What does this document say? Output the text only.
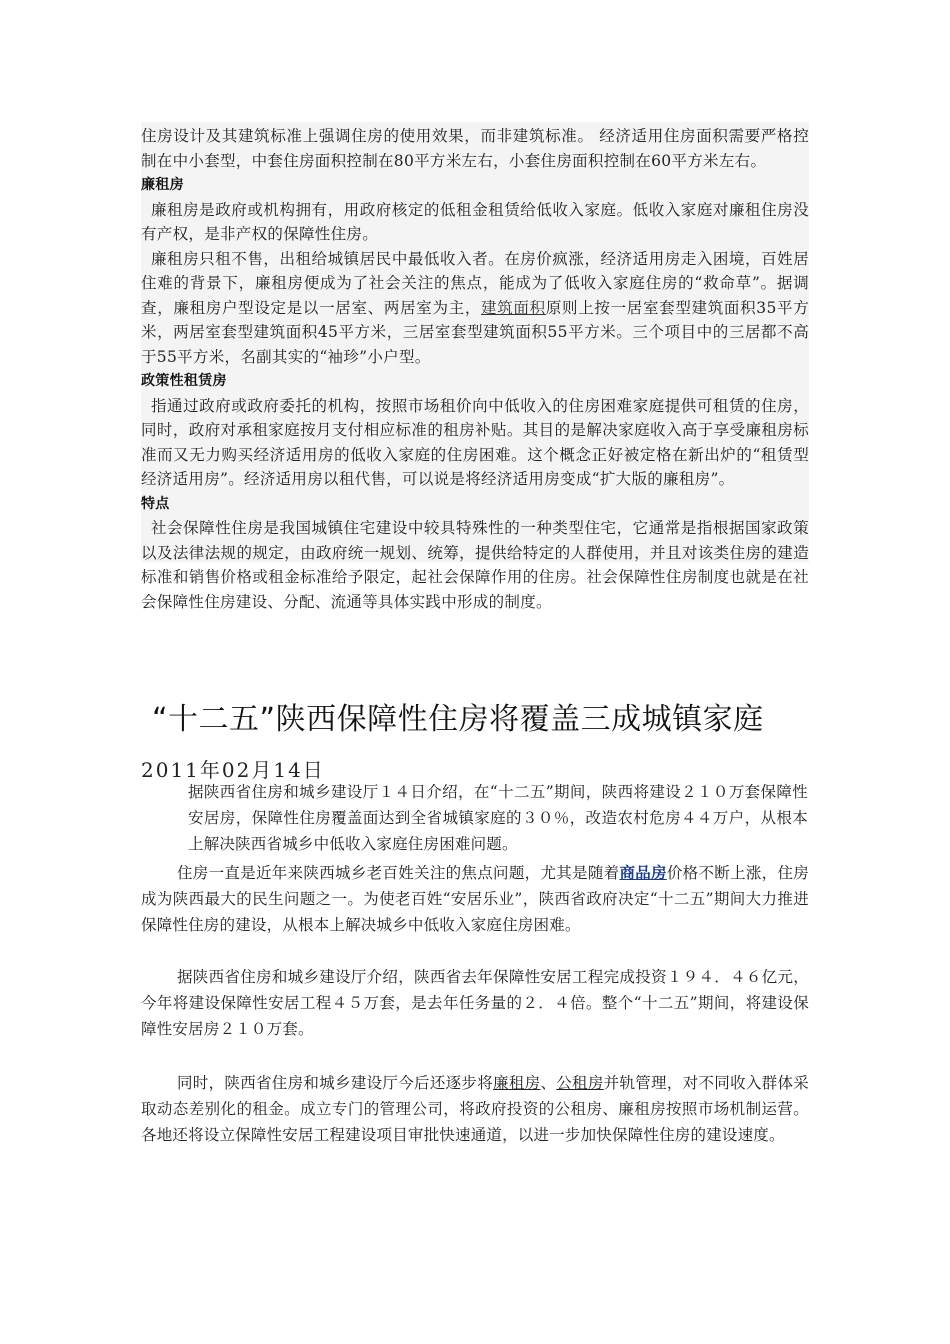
住房设计及其建筑标准上强调住房的使用效果，而非建筑标准。 经济适用住房面积需要严格控制在中小套型，中套住房面积控制在80平方米左右，小套住房面积控制在60平方米左右。

廉租房

廉租房是政府或机构拥有，用政府核定的低租金租赁给低收入家庭。低收入家庭对廉租住房没有产权，是非产权的保障性住房。

廉租房只租不售，出租给城镇居民中最低收入者。在房价疯涨，经济适用房走入困境，百姓居住难的背景下，廉租房便成为了社会关注的焦点，能成为了低收入家庭住房的“救命草”。据调查，廉租房户型设定是以一居室、两居室为主，建筑面积原则上按一居室套型建筑面积35平方米，两居室套型建筑面积45平方米，三居室套型建筑面积55平方米。三个项目中的三居都不高于55平方米，名副其实的“袖珍”小户型。

政策性租赁房

指通过政府或政府委托的机构，按照市场租价向中低收入的住房困难家庭提供可租赁的住房，同时，政府对承租家庭按月支付相应标准的租房补贴。其目的是解决家庭收入高于享受廉租房标准而又无力购买经济适用房的低收入家庭的住房困难。这个概念正好被定格在新出炉的“租赁型经济适用房”。经济适用房以租代售，可以说是将经济适用房变成“扩大版的廉租房”。

特点

社会保障性住房是我国城镇住宅建设中较具特殊性的一种类型住宅，它通常是指根据国家政策以及法律法规的规定，由政府统一规划、统筹，提供给特定的人群使用，并且对该类住房的建造标准和销售价格或租金标准给予限定，起社会保障作用的住房。社会保障性住房制度也就是在社会保障性住房建设、分配、流通等具体实践中形成的制度。

“十二五”陕西保障性住房将覆盖三成城镇家庭
2011年02月14日

据陕西省住房和城乡建设厅１４日介绍，在“十二五”期间，陕西将建设２１０万套保障性安居房，保障性住房覆盖面达到全省城镇家庭的３０％，改造农村危房４４万户，从根本上解决陕西省城乡中低收入家庭住房困难问题。

住房一直是近年来陕西城乡老百姓关注的焦点问题，尤其是随着商品房价格不断上涨，住房成为陕西最大的民生问题之一。为使老百姓“安居乐业”，陕西省政府决定“十二五”期间大力推进保障性住房的建设，从根本上解决城乡中低收入家庭住房困难。

据陕西省住房和城乡建设厅介绍，陕西省去年保障性安居工程完成投资１９４．４６亿元，今年将建设保障性安居工程４５万套，是去年任务量的２．４倍。整个“十二五”期间，将建设保障性安居房２１０万套。

同时，陕西省住房和城乡建设厅今后还逐步将廉租房、公租房并轨管理，对不同收入群体采取动态差别化的租金。成立专门的管理公司，将政府投资的公租房、廉租房按照市场机制运营。各地还将设立保障性安居工程建设项目审批快速通道，以进一步加快保障性住房的建设速度。
